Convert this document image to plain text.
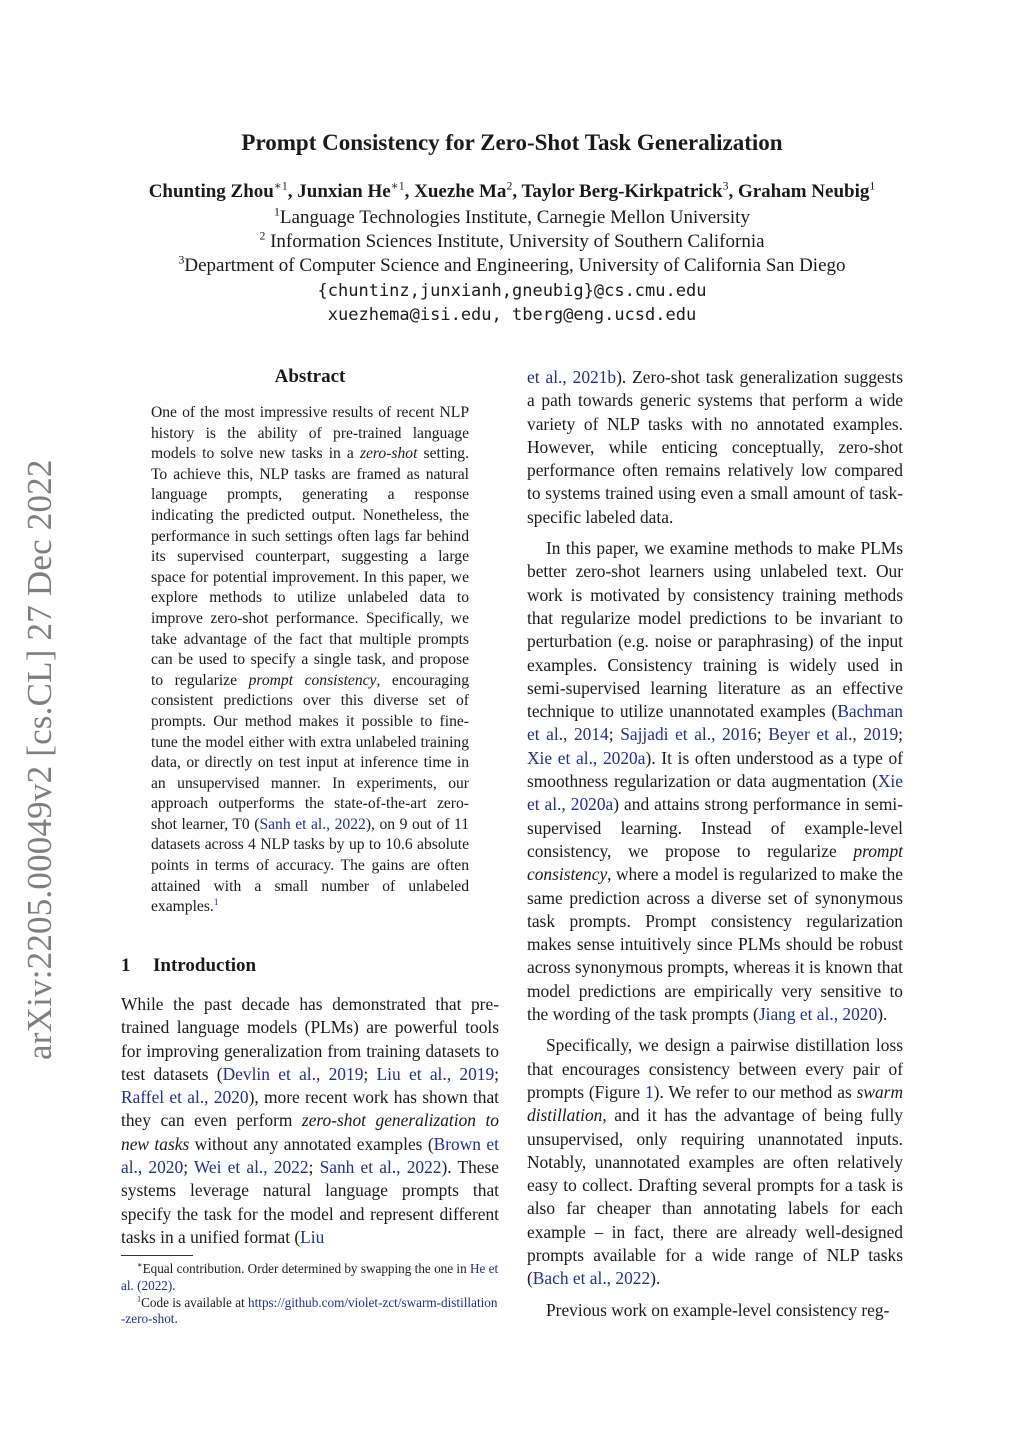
arXiv:2205.00049v2 [cs.CL] 27 Dec 2022
Prompt Consistency for Zero-Shot Task Generalization
Chunting Zhou$^{∗1}$, Junxian $He^{∗1}$, Xuezhe Ma$^2$, Taylor Berg-Kirkpatrick$^3$, Graham Neubig$^1$
$^1$Language Technologies Institute, Carnegie Mellon University
$^2$ Information Sciences Institute, University of Southern California
$^3$Department of Computer Science and Engineering, University of California San Diego
{chuntinz,junxianh,gneubig}@cs.cmu.edu
xuezhema@isi.edu, tberg@eng.ucsd.edu
Abstract
One of the most impressive results of recent NLP history is the ability of pre-trained language models to solve new tasks in a zero-shot setting. To achieve this, NLP tasks are framed as natural language prompts, generating a response indicating the predicted output. Nonetheless, the performance in such settings often lags far behind its supervised counterpart, suggesting a large space for potential improvement. In this paper, we explore methods to utilize unlabeled data to improve zero-shot performance. Specifically, we take advantage of the fact that multiple prompts can be used to specify a single task, and propose to regularize prompt consistency, encouraging consistent predictions over this diverse set of prompts. Our method makes it possible to fine-tune the model either with extra unlabeled training data, or directly on test input at inference time in an unsupervised manner. In experiments, our approach outperforms the state-of-the-art zero-shot learner, T0 (Sanh et al., 2022), on 9 out of 11 datasets across 4 NLP tasks by up to 10.6 absolute points in terms of accuracy. The gains are often attained with a small number of unlabeled examples.$^1$
1 Introduction

While the past decade has demonstrated that pretrained language models (PLMs) are powerful tools for improving generalization from training datasets to test datasets (Devlin et al., 2019; Liu et al., 2019; Raffel et al., 2020), more recent work has shown that they can even perform zero-shot generalization to new tasks without any annotated examples (Brown et al., 2020; Wei et al., 2022; Sanh et al., 2022). These systems leverage natural language prompts that specify the task for the model and represent different tasks in a unified format (Liu

∗Equal contribution. Order determined by swapping the one in He et al. (2022).

$^1$Code is available at https://github.com/violet-zct/swarm-distillation-zero-shot.

et al., 2021b). Zero-shot task generalization suggests a path towards generic systems that perform a wide variety of NLP tasks with no annotated examples. However, while enticing conceptually, zero-shot performance often remains relatively low compared to systems trained using even a small amount of task-specific labeled data.

In this paper, we examine methods to make PLMs better zero-shot learners using unlabeled text. Our work is motivated by consistency training methods that regularize model predictions to be invariant to perturbation (e.g. noise or paraphrasing) of the input examples. Consistency training is widely used in semi-supervised learning literature as an effective technique to utilize unannotated examples (Bachman et al., 2014; Sajjadi et al., 2016; Beyer et al., 2019; Xie et al., 2020a). It is often understood as a type of smoothness regularization or data augmentation (Xie et al., 2020a) and attains strong performance in semi-supervised learning. Instead of example-level consistency, we propose to regularize prompt consistency, where a model is regularized to make the same prediction across a diverse set of synonymous task prompts. Prompt consistency regularization makes sense intuitively since PLMs should be robust across synonymous prompts, whereas it is known that model predictions are empirically very sensitive to the wording of the task prompts (Jiang et al., 2020).

Specifically, we design a pairwise distillation loss that encourages consistency between every pair of prompts (Figure 1). We refer to our method as swarm distillation, and it has the advantage of being fully unsupervised, only requiring unannotated inputs. Notably, unannotated examples are often relatively easy to collect. Drafting several prompts for a task is also far cheaper than annotating labels for each example – in fact, there are already well-designed prompts available for a wide range of NLP tasks (Bach et al., 2022).

Previous work on example-level consistency reg-
